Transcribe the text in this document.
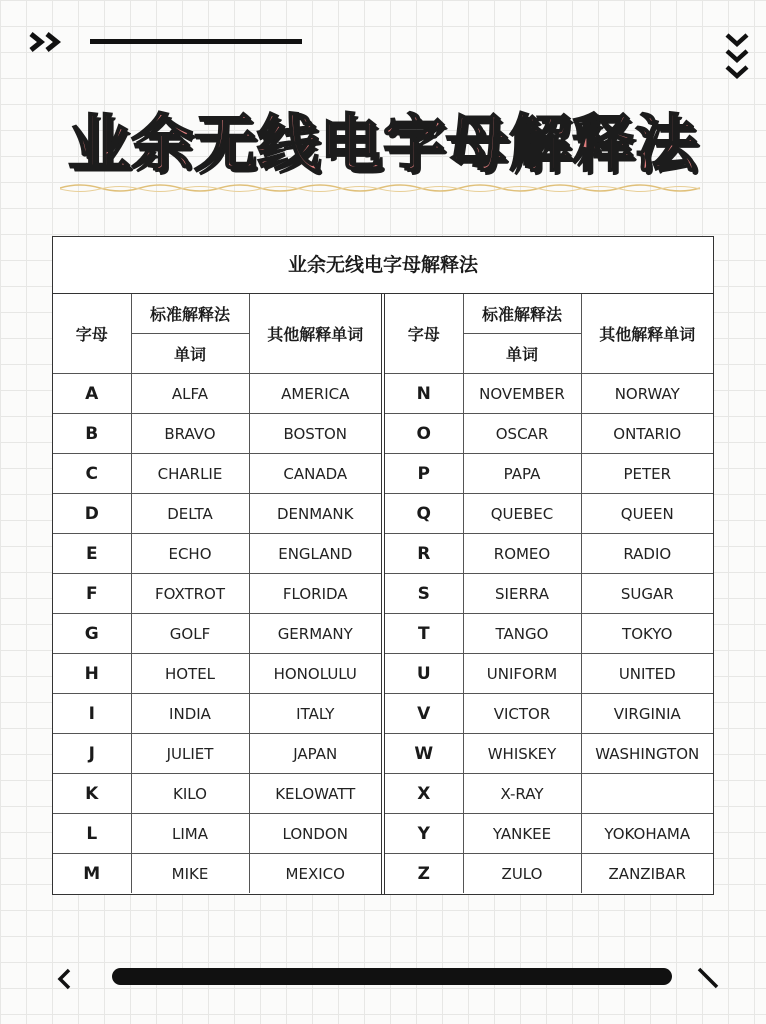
业余无线电字母解释法
业余无线电字母解释法
字母	标准解释法	其他解释单词
	单词	
A	ALFA	AMERICA
B	BRAVO	BOSTON
C	CHARLIE	CANADA
D	DELTA	DENMANK
E	ECHO	ENGLAND
F	FOXTROT	FLORIDA
G	GOLF	GERMANY
H	HOTEL	HONOLULU
I	INDIA	ITALY
J	JULIET	JAPAN
K	KILO	KELOWATT
L	LIMA	LONDON
M	MIKE	MEXICO
字母	标准解释法	其他解释单词
	单词	
N	NOVEMBER	NORWAY
O	OSCAR	ONTARIO
P	PAPA	PETER
Q	QUEBEC	QUEEN
R	ROMEO	RADIO
S	SIERRA	SUGAR
T	TANGO	TOKYO
U	UNIFORM	UNITED
V	VICTOR	VIRGINIA
W	WHISKEY	WASHINGTON
X	X-RAY	
Y	YANKEE	YOKOHAMA
Z	ZULO	ZANZIBAR
